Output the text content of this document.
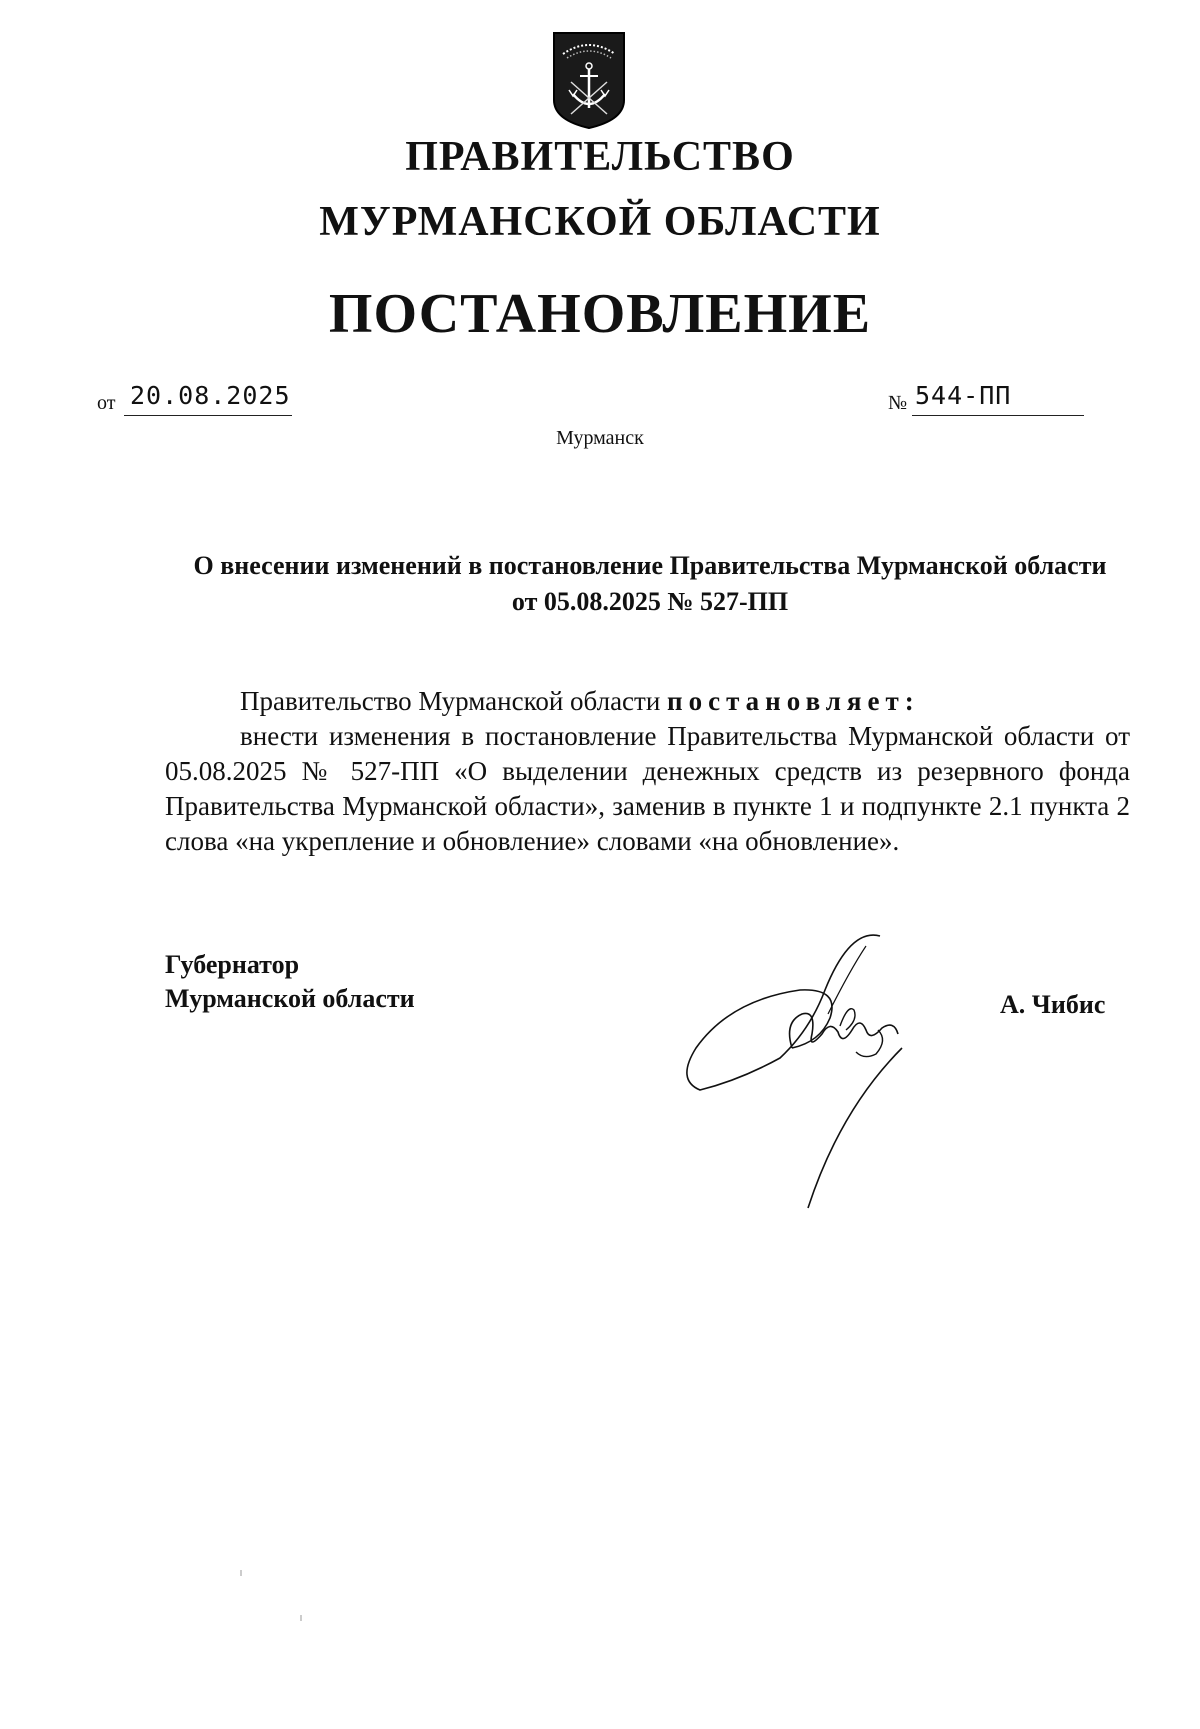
ПРАВИТЕЛЬСТВО
МУРМАНСКОЙ ОБЛАСТИ
ПОСТАНОВЛЕНИЕ
от 20.08.2025	№ 544-ПП
Мурманск
О внесении изменений в постановление Правительства Мурманской области от 05.08.2025 № 527-ПП

Правительство Мурманской области постановляет:

внести изменения в постановление Правительства Мурманской области от 05.08.2025 № 527-ПП «О выделении денежных средств из резервного фонда Правительства Мурманской области», заменив в пункте 1 и подпункте 2.1 пункта 2 слова «на укрепление и обновление» словами «на обновление».

Губернатор
Мурманской области	А. Чибис
